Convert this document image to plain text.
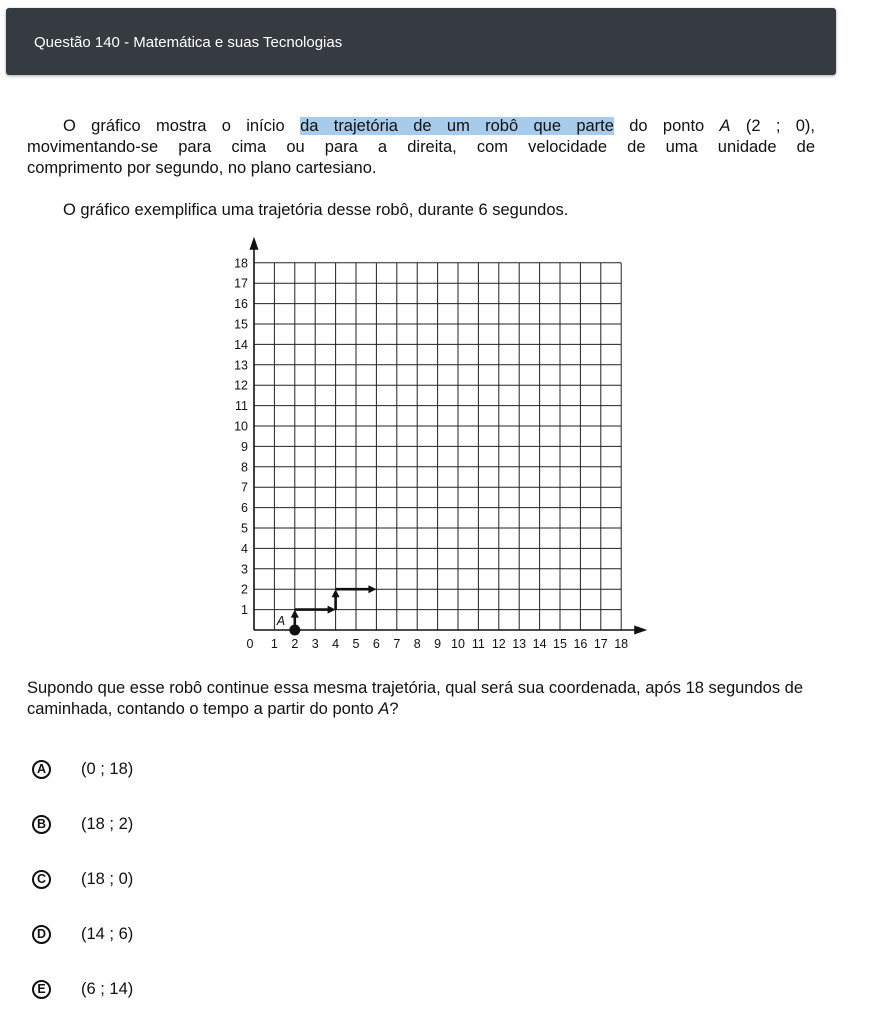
Questão 140 - Matemática e suas Tecnologias
O gráfico mostra o início da trajetória de um robô que parte do ponto A (2 ; 0),
movimentando-se para cima ou para a direita, com velocidade de uma unidade de
comprimento por segundo, no plano cartesiano.
O gráfico exemplifica uma trajetória desse robô, durante 6 segundos.
0 1 2 3 4 5 6 7 8 9 10 11 12 13 14 15 16 17 18
1
2
3
4
5
6
7
8
9
10
11
12
13
14
15
16
17
18
A
Supondo que esse robô continue essa mesma trajetória, qual será sua coordenada, após 18 segundos de caminhada, contando o tempo a partir do ponto A?
A	(0 ; 18)
B	(18 ; 2)
C	(18 ; 0)
D	(14 ; 6)
E	(6 ; 14)
